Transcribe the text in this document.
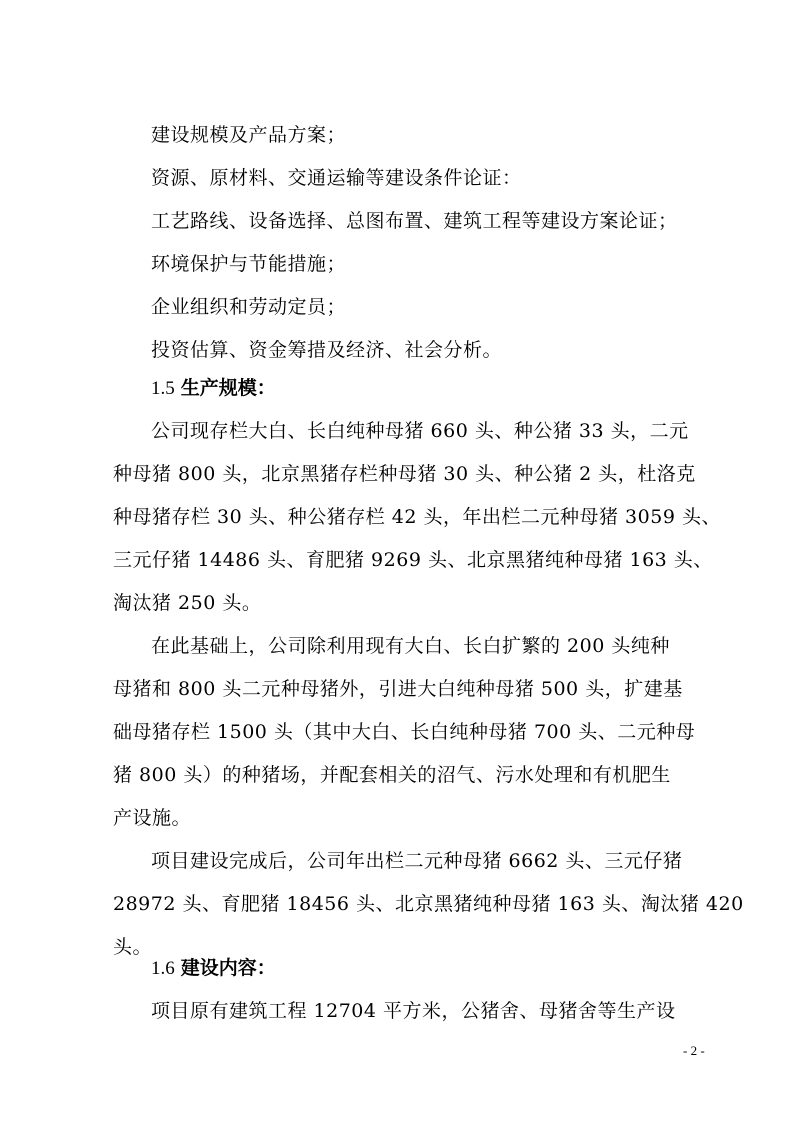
建设规模及产品方案；
资源、原材料、交通运输等建设条件论证：
工艺路线、设备选择、总图布置、建筑工程等建设方案论证；
环境保护与节能措施；
企业组织和劳动定员；
投资估算、资金筹措及经济、社会分析。
1.5 生产规模：
公司现存栏大白、长白纯种母猪 660 头、种公猪 33 头，二元
种母猪 800 头，北京黑猪存栏种母猪 30 头、种公猪 2 头，杜洛克
种母猪存栏 30 头、种公猪存栏 42 头，年出栏二元种母猪 3059 头、
三元仔猪 14486 头、育肥猪 9269 头、北京黑猪纯种母猪 163 头、
淘汰猪 250 头。
在此基础上，公司除利用现有大白、长白扩繁的 200 头纯种
母猪和 800 头二元种母猪外，引进大白纯种母猪 500 头，扩建基
础母猪存栏 1500 头（其中大白、长白纯种母猪 700 头、二元种母
猪 800 头）的种猪场，并配套相关的沼气、污水处理和有机肥生
产设施。
项目建设完成后，公司年出栏二元种母猪 6662 头、三元仔猪
28972 头、育肥猪 18456 头、北京黑猪纯种母猪 163 头、淘汰猪 420
头。
1.6 建设内容：
项目原有建筑工程 12704 平方米，公猪舍、母猪舍等生产设
- 2 -
